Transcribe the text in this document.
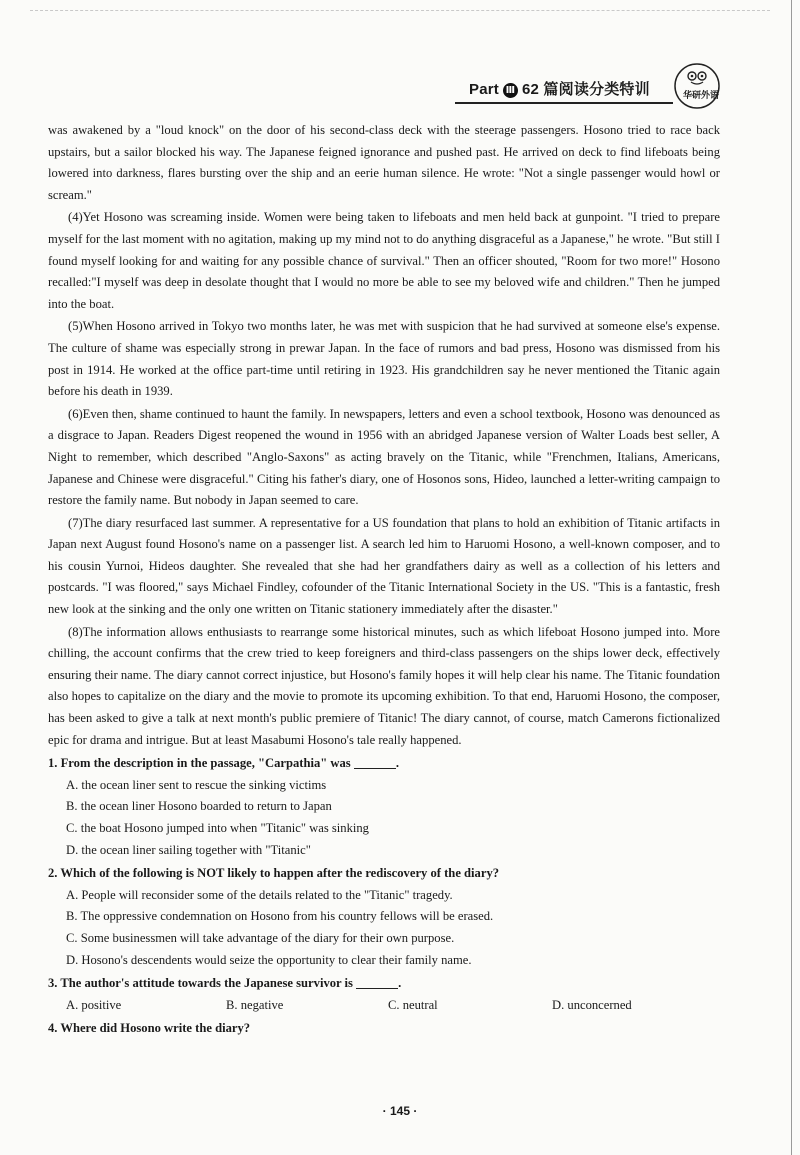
Part Ⅲ 62 篇阅读分类特训	华研外语

was awakened by a "loud knock" on the door of his second-class deck with the steerage passengers. Hosono tried to race back upstairs, but a sailor blocked his way. The Japanese feigned ignorance and pushed past. He arrived on deck to find lifeboats being lowered into darkness, flares bursting over the ship and an eerie human silence. He wrote: "Not a single passenger would howl or scream."

(4)Yet Hosono was screaming inside. Women were being taken to lifeboats and men held back at gunpoint. "I tried to prepare myself for the last moment with no agitation, making up my mind not to do anything disgraceful as a Japanese," he wrote. "But still I found myself looking for and waiting for any possible chance of survival." Then an officer shouted, "Room for two more!" Hosono recalled:"I myself was deep in desolate thought that I would no more be able to see my beloved wife and children." Then he jumped into the boat.

(5)When Hosono arrived in Tokyo two months later, he was met with suspicion that he had survived at someone else's expense. The culture of shame was especially strong in prewar Japan. In the face of rumors and bad press, Hosono was dismissed from his post in 1914. He worked at the office part-time until retiring in 1923. His grandchildren say he never mentioned the Titanic again before his death in 1939.

(6)Even then, shame continued to haunt the family. In newspapers, letters and even a school textbook, Hosono was denounced as a disgrace to Japan. Readers Digest reopened the wound in 1956 with an abridged Japanese version of Walter Loads best seller, A Night to remember, which described "Anglo-Saxons" as acting bravely on the Titanic, while "Frenchmen, Italians, Americans, Japanese and Chinese were disgraceful." Citing his father's diary, one of Hosonos sons, Hideo, launched a letter-writing campaign to restore the family name. But nobody in Japan seemed to care.

(7)The diary resurfaced last summer. A representative for a US foundation that plans to hold an exhibition of Titanic artifacts in Japan next August found Hosono's name on a passenger list. A search led him to Haruomi Hosono, a well-known composer, and to his cousin Yurnoi, Hideos daughter. She revealed that she had her grandfathers dairy as well as a collection of his letters and postcards. "I was floored," says Michael Findley, cofounder of the Titanic International Society in the US. "This is a fantastic, fresh new look at the sinking and the only one written on Titanic stationery immediately after the disaster."

(8)The information allows enthusiasts to rearrange some historical minutes, such as which lifeboat Hosono jumped into. More chilling, the account confirms that the crew tried to keep foreigners and third-class passengers on the ships lower deck, effectively ensuring their name. The diary cannot correct injustice, but Hosono's family hopes it will help clear his name. The Titanic foundation also hopes to capitalize on the diary and the movie to promote its upcoming exhibition. To that end, Haruomi Hosono, the composer, has been asked to give a talk at next month's public premiere of Titanic! The diary cannot, of course, match Camerons fictionalized epic for drama and intrigue. But at least Masabumi Hosono's tale really happened.

1. From the description in the passage, "Carpathia" was	.
A. the ocean liner sent to rescue the sinking victims
B. the ocean liner Hosono boarded to return to Japan
C. the boat Hosono jumped into when "Titanic" was sinking
D. the ocean liner sailing together with "Titanic"
2. Which of the following is NOT likely to happen after the rediscovery of the diary?
A. People will reconsider some of the details related to the "Titanic" tragedy.
B. The oppressive condemnation on Hosono from his country fellows will be erased.
C. Some businessmen will take advantage of the diary for their own purpose.
D. Hosono's descendents would seize the opportunity to clear their family name.
3. The author's attitude towards the Japanese survivor is	.
A. positive	B. negative	C. neutral	D. unconcerned
4. Where did Hosono write the diary?
· 145 ·
